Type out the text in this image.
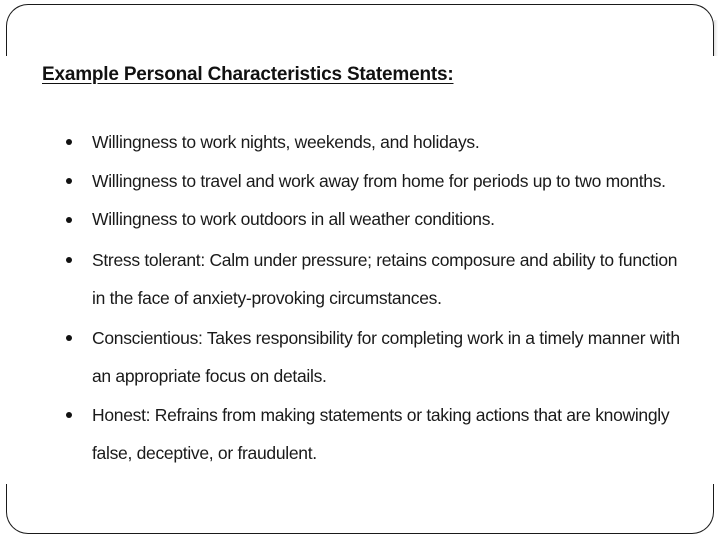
Example Personal Characteristics Statements:
Willingness to work nights, weekends, and holidays.
Willingness to travel and work away from home for periods up to two months.
Willingness to work outdoors in all weather conditions.
Stress tolerant: Calm under pressure; retains composure and ability to function
in the face of anxiety-provoking circumstances.
Conscientious: Takes responsibility for completing work in a timely manner with
an appropriate focus on details.
Honest: Refrains from making statements or taking actions that are knowingly
false, deceptive, or fraudulent.
